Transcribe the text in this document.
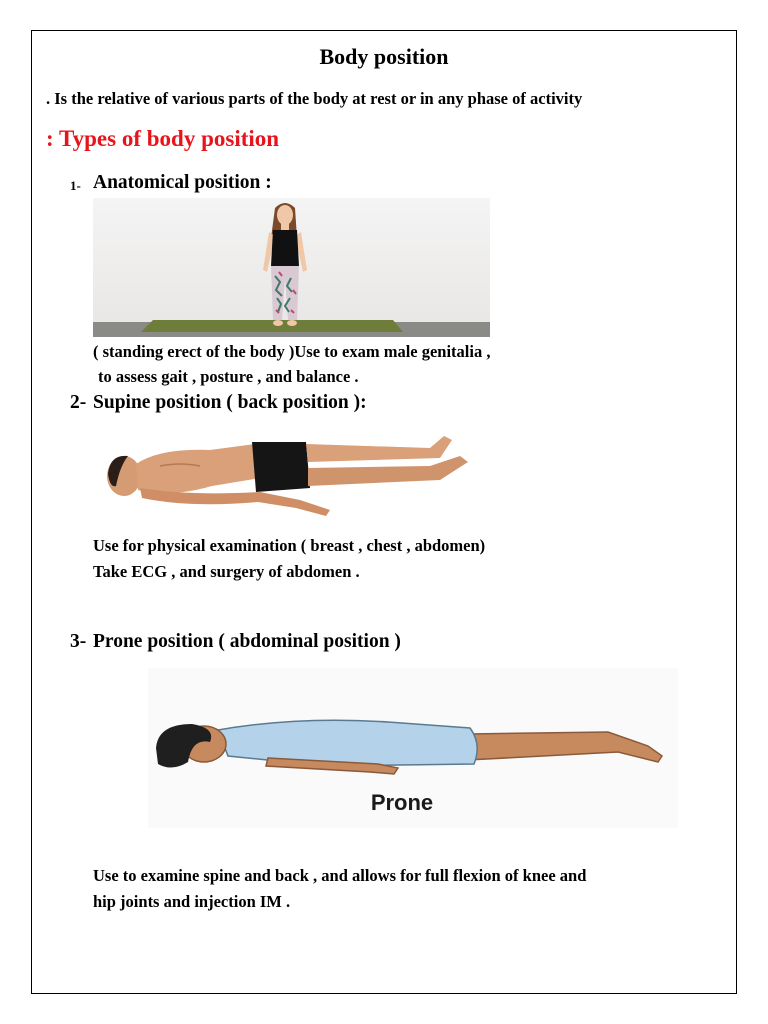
Body position
. Is the relative of various parts of the body at rest or in any phase of activity
: Types of body position
1- Anatomical position :
( standing erect of the body )Use to exam male genitalia ,
to assess gait , posture , and balance .
2- Supine position ( back position ):
Use for physical examination ( breast , chest , abdomen)
Take ECG , and surgery of abdomen .
3- Prone position ( abdominal position )
Prone
Use to examine spine and back , and allows for full flexion of knee and
hip joints and injection IM .
